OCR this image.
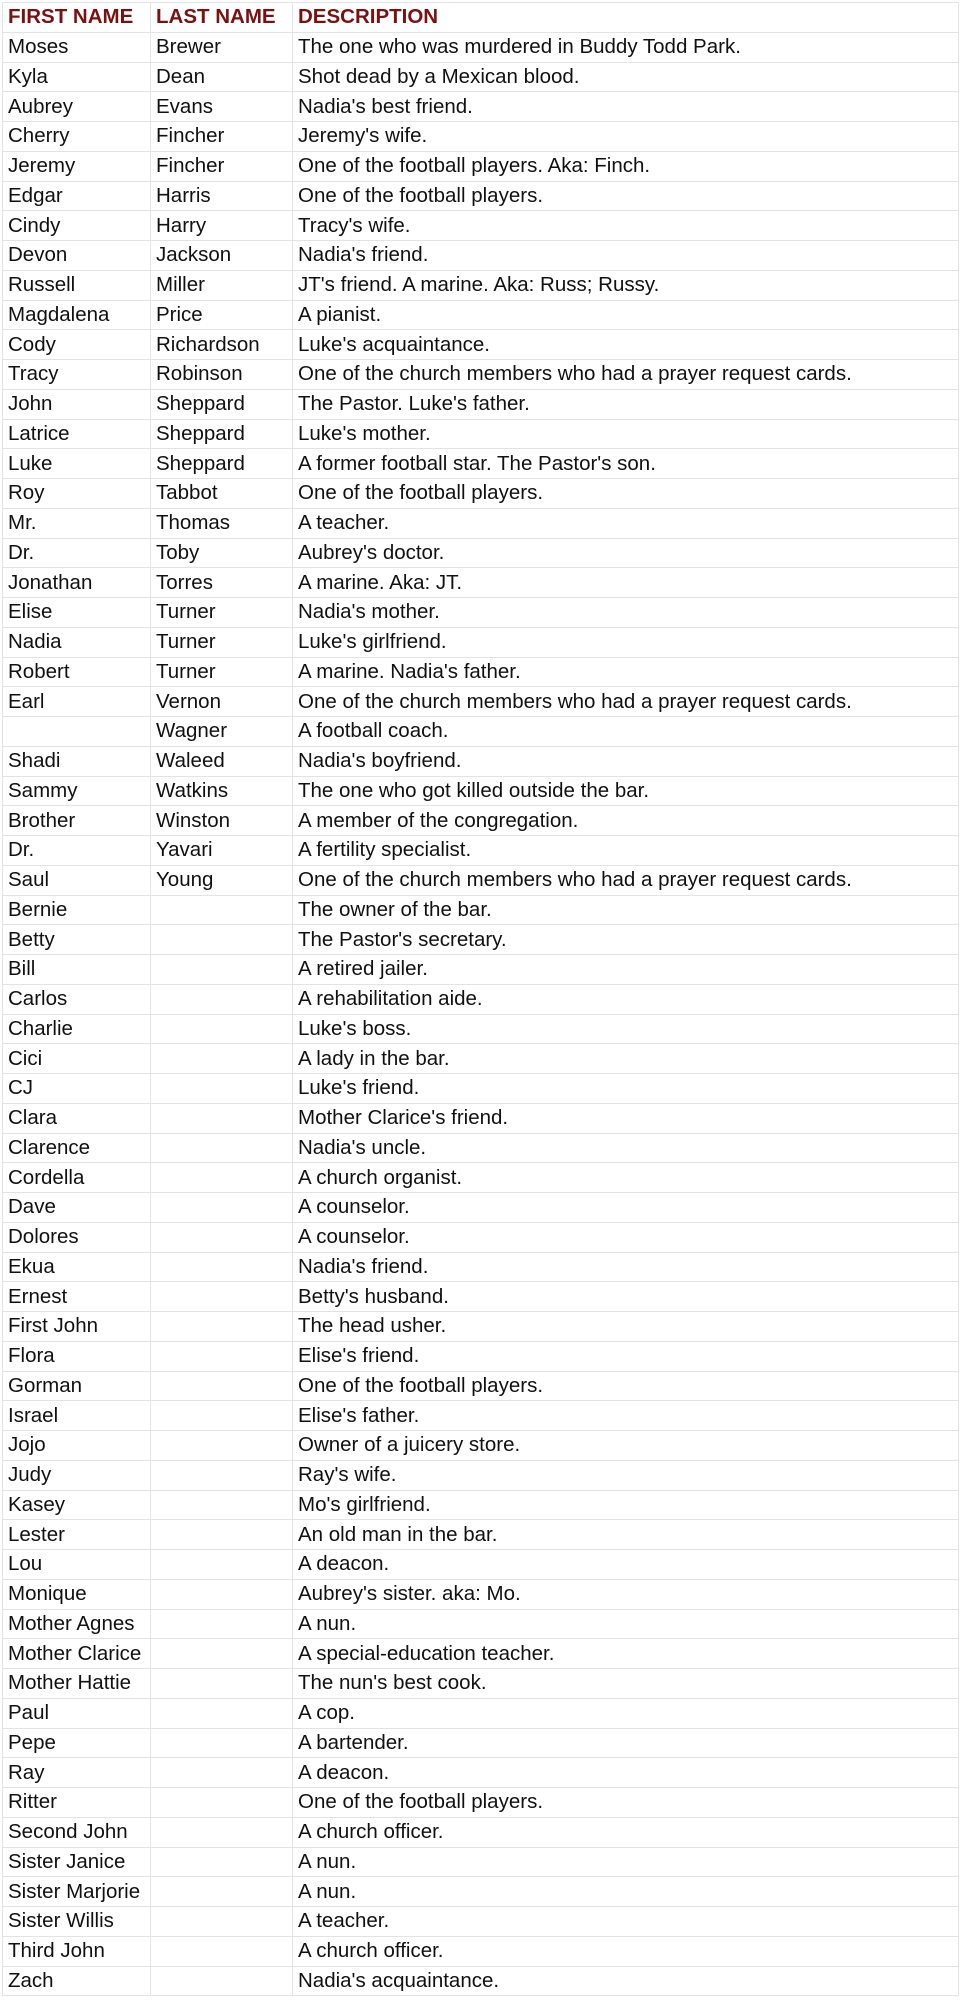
FIRST NAME	LAST NAME	DESCRIPTION
Moses	Brewer	The one who was murdered in Buddy Todd Park.
Kyla	Dean	Shot dead by a Mexican blood.
Aubrey	Evans	Nadia's best friend.
Cherry	Fincher	Jeremy's wife.
Jeremy	Fincher	One of the football players. Aka: Finch.
Edgar	Harris	One of the football players.
Cindy	Harry	Tracy's wife.
Devon	Jackson	Nadia's friend.
Russell	Miller	JT's friend. A marine. Aka: Russ; Russy.
Magdalena	Price	A pianist.
Cody	Richardson	Luke's acquaintance.
Tracy	Robinson	One of the church members who had a prayer request cards.
John	Sheppard	The Pastor. Luke's father.
Latrice	Sheppard	Luke's mother.
Luke	Sheppard	A former football star. The Pastor's son.
Roy	Tabbot	One of the football players.
Mr.	Thomas	A teacher.
Dr.	Toby	Aubrey's doctor.
Jonathan	Torres	A marine. Aka: JT.
Elise	Turner	Nadia's mother.
Nadia	Turner	Luke's girlfriend.
Robert	Turner	A marine. Nadia's father.
Earl	Vernon	One of the church members who had a prayer request cards.
	Wagner	A football coach.
Shadi	Waleed	Nadia's boyfriend.
Sammy	Watkins	The one who got killed outside the bar.
Brother	Winston	A member of the congregation.
Dr.	Yavari	A fertility specialist.
Saul	Young	One of the church members who had a prayer request cards.
Bernie		The owner of the bar.
Betty		The Pastor's secretary.
Bill		A retired jailer.
Carlos		A rehabilitation aide.
Charlie		Luke's boss.
Cici		A lady in the bar.
CJ		Luke's friend.
Clara		Mother Clarice's friend.
Clarence		Nadia's uncle.
Cordella		A church organist.
Dave		A counselor.
Dolores		A counselor.
Ekua		Nadia's friend.
Ernest		Betty's husband.
First John		The head usher.
Flora		Elise's friend.
Gorman		One of the football players.
Israel		Elise's father.
Jojo		Owner of a juicery store.
Judy		Ray's wife.
Kasey		Mo's girlfriend.
Lester		An old man in the bar.
Lou		A deacon.
Monique		Aubrey's sister. aka: Mo.
Mother Agnes		A nun.
Mother Clarice		A special-education teacher.
Mother Hattie		The nun's best cook.
Paul		A cop.
Pepe		A bartender.
Ray		A deacon.
Ritter		One of the football players.
Second John		A church officer.
Sister Janice		A nun.
Sister Marjorie		A nun.
Sister Willis		A teacher.
Third John		A church officer.
Zach		Nadia's acquaintance.
